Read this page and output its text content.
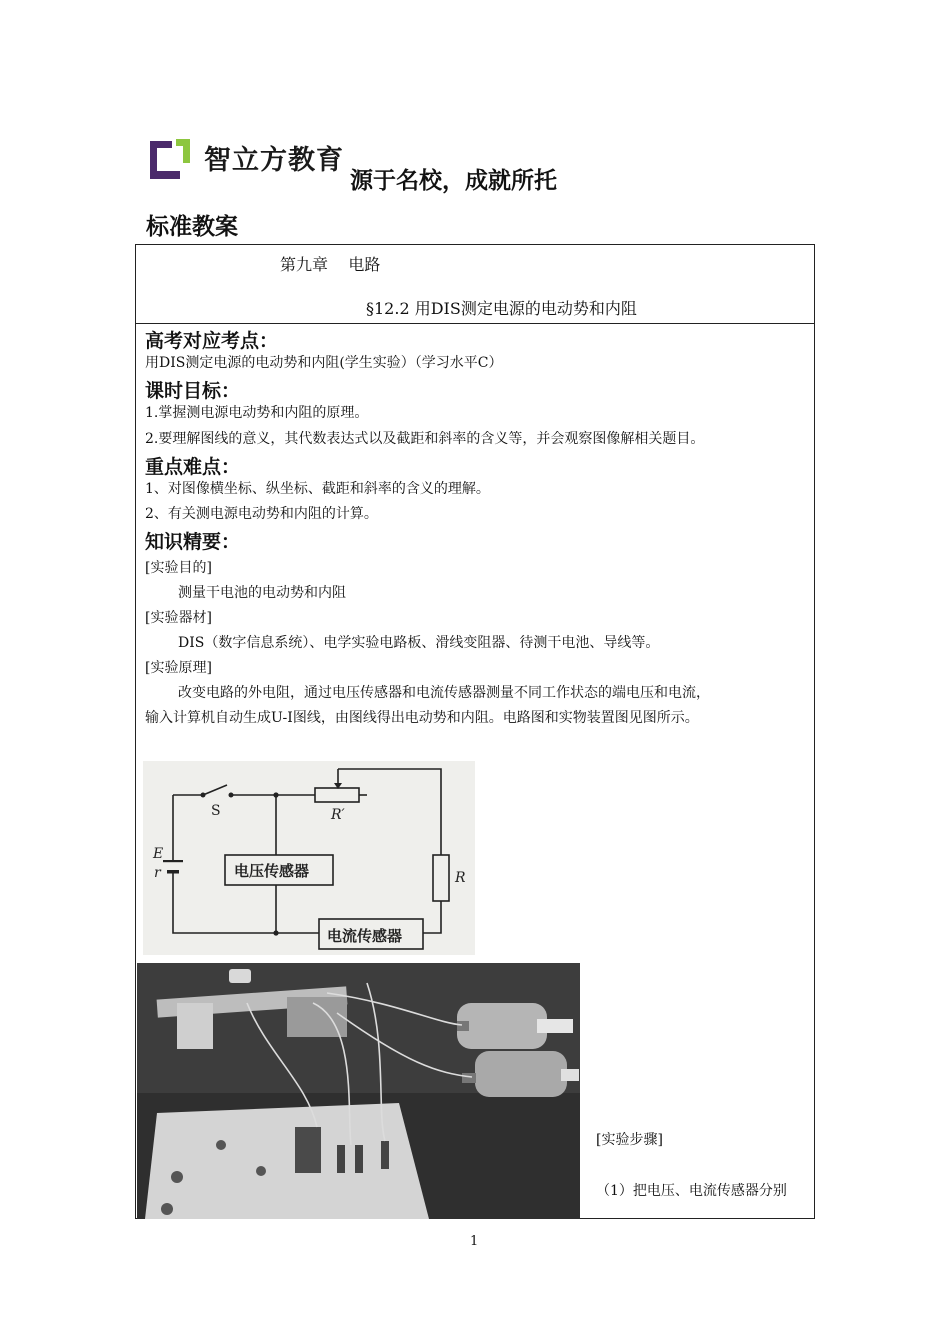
智立方教育
源于名校，成就所托
标准教案
第九章    电路
§12.2 用DIS测定电源的电动势和内阻
高考对应考点：
用DIS测定电源的电动势和内阻(学生实验）（学习水平C）
课时目标：
1.掌握测电源电动势和内阻的原理。
2.要理解图线的意义，其代数表达式以及截距和斜率的含义等，并会观察图像解相关题目。
重点难点：
1、对图像横坐标、纵坐标、截距和斜率的含义的理解。
2、有关测电源电动势和内阻的计算。
知识精要：
[实验目的]
测量干电池的电动势和内阻
[实验器材]
DIS（数字信息系统）、电学实验电路板、滑线变阻器、待测干电池、导线等。
[实验原理]
改变电路的外电阻，通过电压传感器和电流传感器测量不同工作状态的端电压和电流，
输入计算机自动生成U-I图线，由图线得出电动势和内阻。电路图和实物装置图见图所示。
S	R′
E
r	R
电压传感器
电流传感器
[实验步骤]
（1）把电压、电流传感器分别
1
